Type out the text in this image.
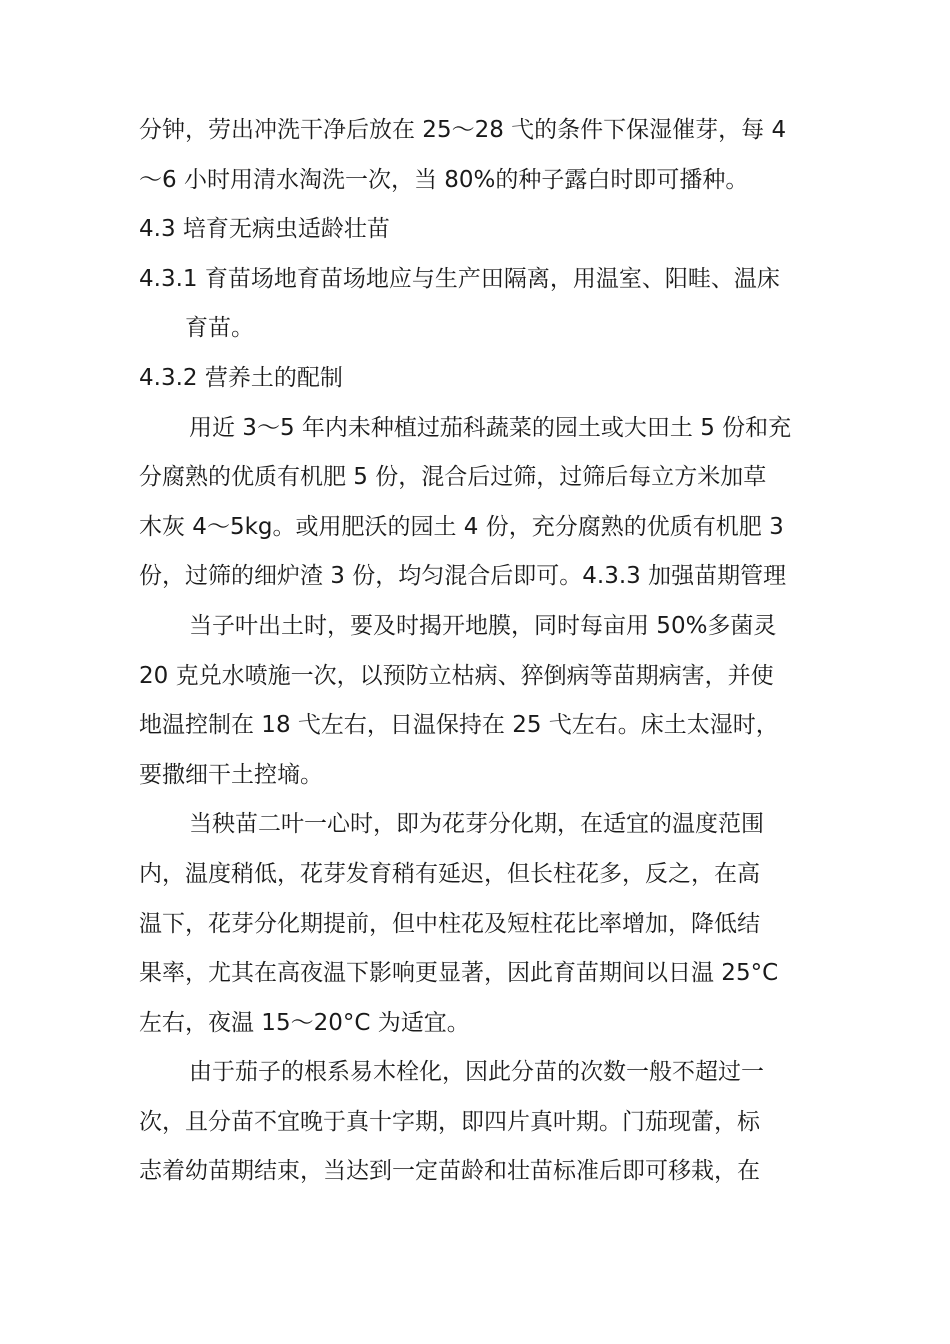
分钟，劳出冲洗干净后放在 25～28 弋的条件下保湿催芽，每 4
～6 小时用清水淘洗一次，当 80%的种子露白时即可播种。
4.3 培育无病虫适龄壮苗
4.3.1 育苗场地育苗场地应与生产田隔离，用温室、阳畦、温床
育苗。
4.3.2 营养土的配制
用近 3～5 年内未种植过茄科蔬菜的园土或大田土 5 份和充
分腐熟的优质有机肥 5 份，混合后过筛，过筛后每立方米加草
木灰 4～5kg。或用肥沃的园土 4 份，充分腐熟的优质有机肥 3
份，过筛的细炉渣 3 份，均匀混合后即可。4.3.3 加强苗期管理
当子叶出土时，要及时揭开地膜，同时每亩用 50%多菌灵
20 克兑水喷施一次，以预防立枯病、猝倒病等苗期病害，并使
地温控制在 18 弋左右，日温保持在 25 弋左右。床土太湿时，
要撒细干土控墒。
当秧苗二叶一心时，即为花芽分化期，在适宜的温度范围
内，温度稍低，花芽发育稍有延迟，但长柱花多，反之，在高
温下，花芽分化期提前，但中柱花及短柱花比率增加，降低结
果率，尤其在高夜温下影响更显著，因此育苗期间以日温 25°C
左右，夜温 15～20°C 为适宜。
由于茄子的根系易木栓化，因此分苗的次数一般不超过一
次，且分苗不宜晚于真十字期，即四片真叶期。门茄现蕾，标
志着幼苗期结束，当达到一定苗龄和壮苗标准后即可移栽，在
